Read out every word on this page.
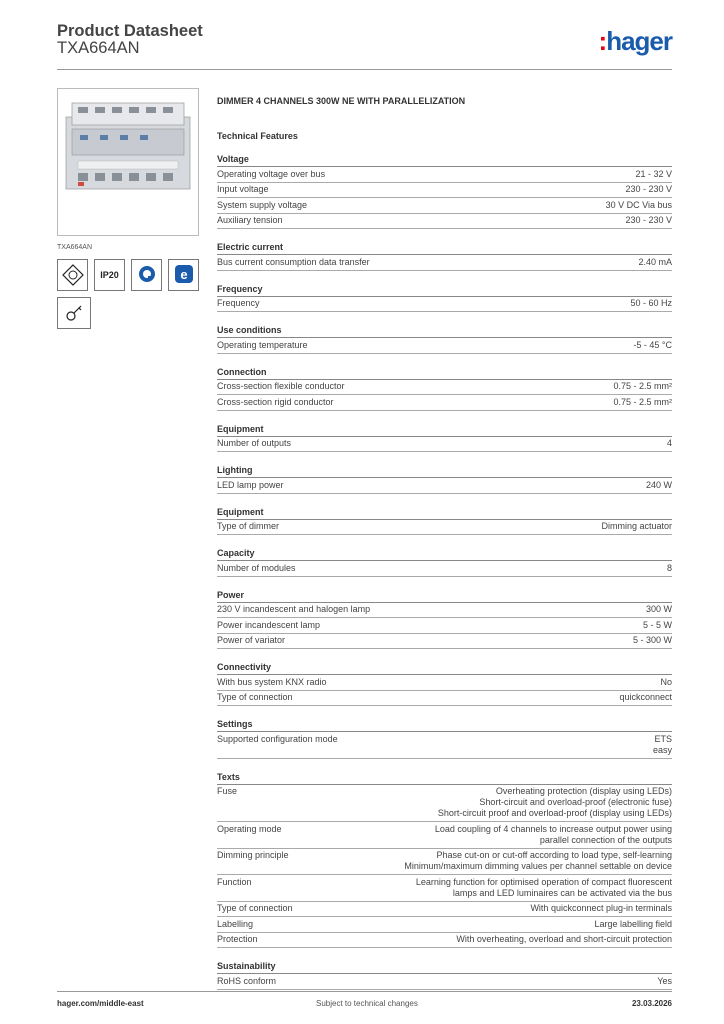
Product Datasheet
TXA664AN	:hager
TXA664AN
IP20	e
DIMMER 4 CHANNELS 300W NE WITH PARALLELIZATION
Technical Features
Voltage
Operating voltage over bus	21 - 32 V
Input voltage	230 - 230 V
System supply voltage	30 V DC Via bus
Auxiliary tension	230 - 230 V
Electric current
Bus current consumption data transfer	2.40 mA
Frequency
Frequency	50 - 60 Hz
Use conditions
Operating temperature	-5 - 45 °C
Connection
Cross-section flexible conductor	0.75 - 2.5 mm²
Cross-section rigid conductor	0.75 - 2.5 mm²
Equipment
Number of outputs	4
Lighting
LED lamp power	240 W
Equipment
Type of dimmer	Dimming actuator
Capacity
Number of modules	8
Power
230 V incandescent and halogen lamp	300 W
Power incandescent lamp	5 - 5 W
Power of variator	5 - 300 W
Connectivity
With bus system KNX radio	No
Type of connection	quickconnect
Settings
Supported configuration mode	ETS
easy
Texts
Fuse	Overheating protection (display using LEDs)
Short-circuit and overload-proof (electronic fuse)
Short-circuit proof and overload-proof (display using LEDs)
Operating mode	Load coupling of 4 channels to increase output power using
parallel connection of the outputs
Dimming principle	Phase cut-on or cut-off according to load type, self-learning
Minimum/maximum dimming values per channel settable on device
Function	Learning function for optimised operation of compact fluorescent
lamps and LED luminaires can be activated via the bus
Type of connection	With quickconnect plug-in terminals
Labelling	Large labelling field
Protection	With overheating, overload and short-circuit protection
Sustainability
RoHS conform	Yes
hager.com/middle-east	Subject to technical changes	23.03.2026
